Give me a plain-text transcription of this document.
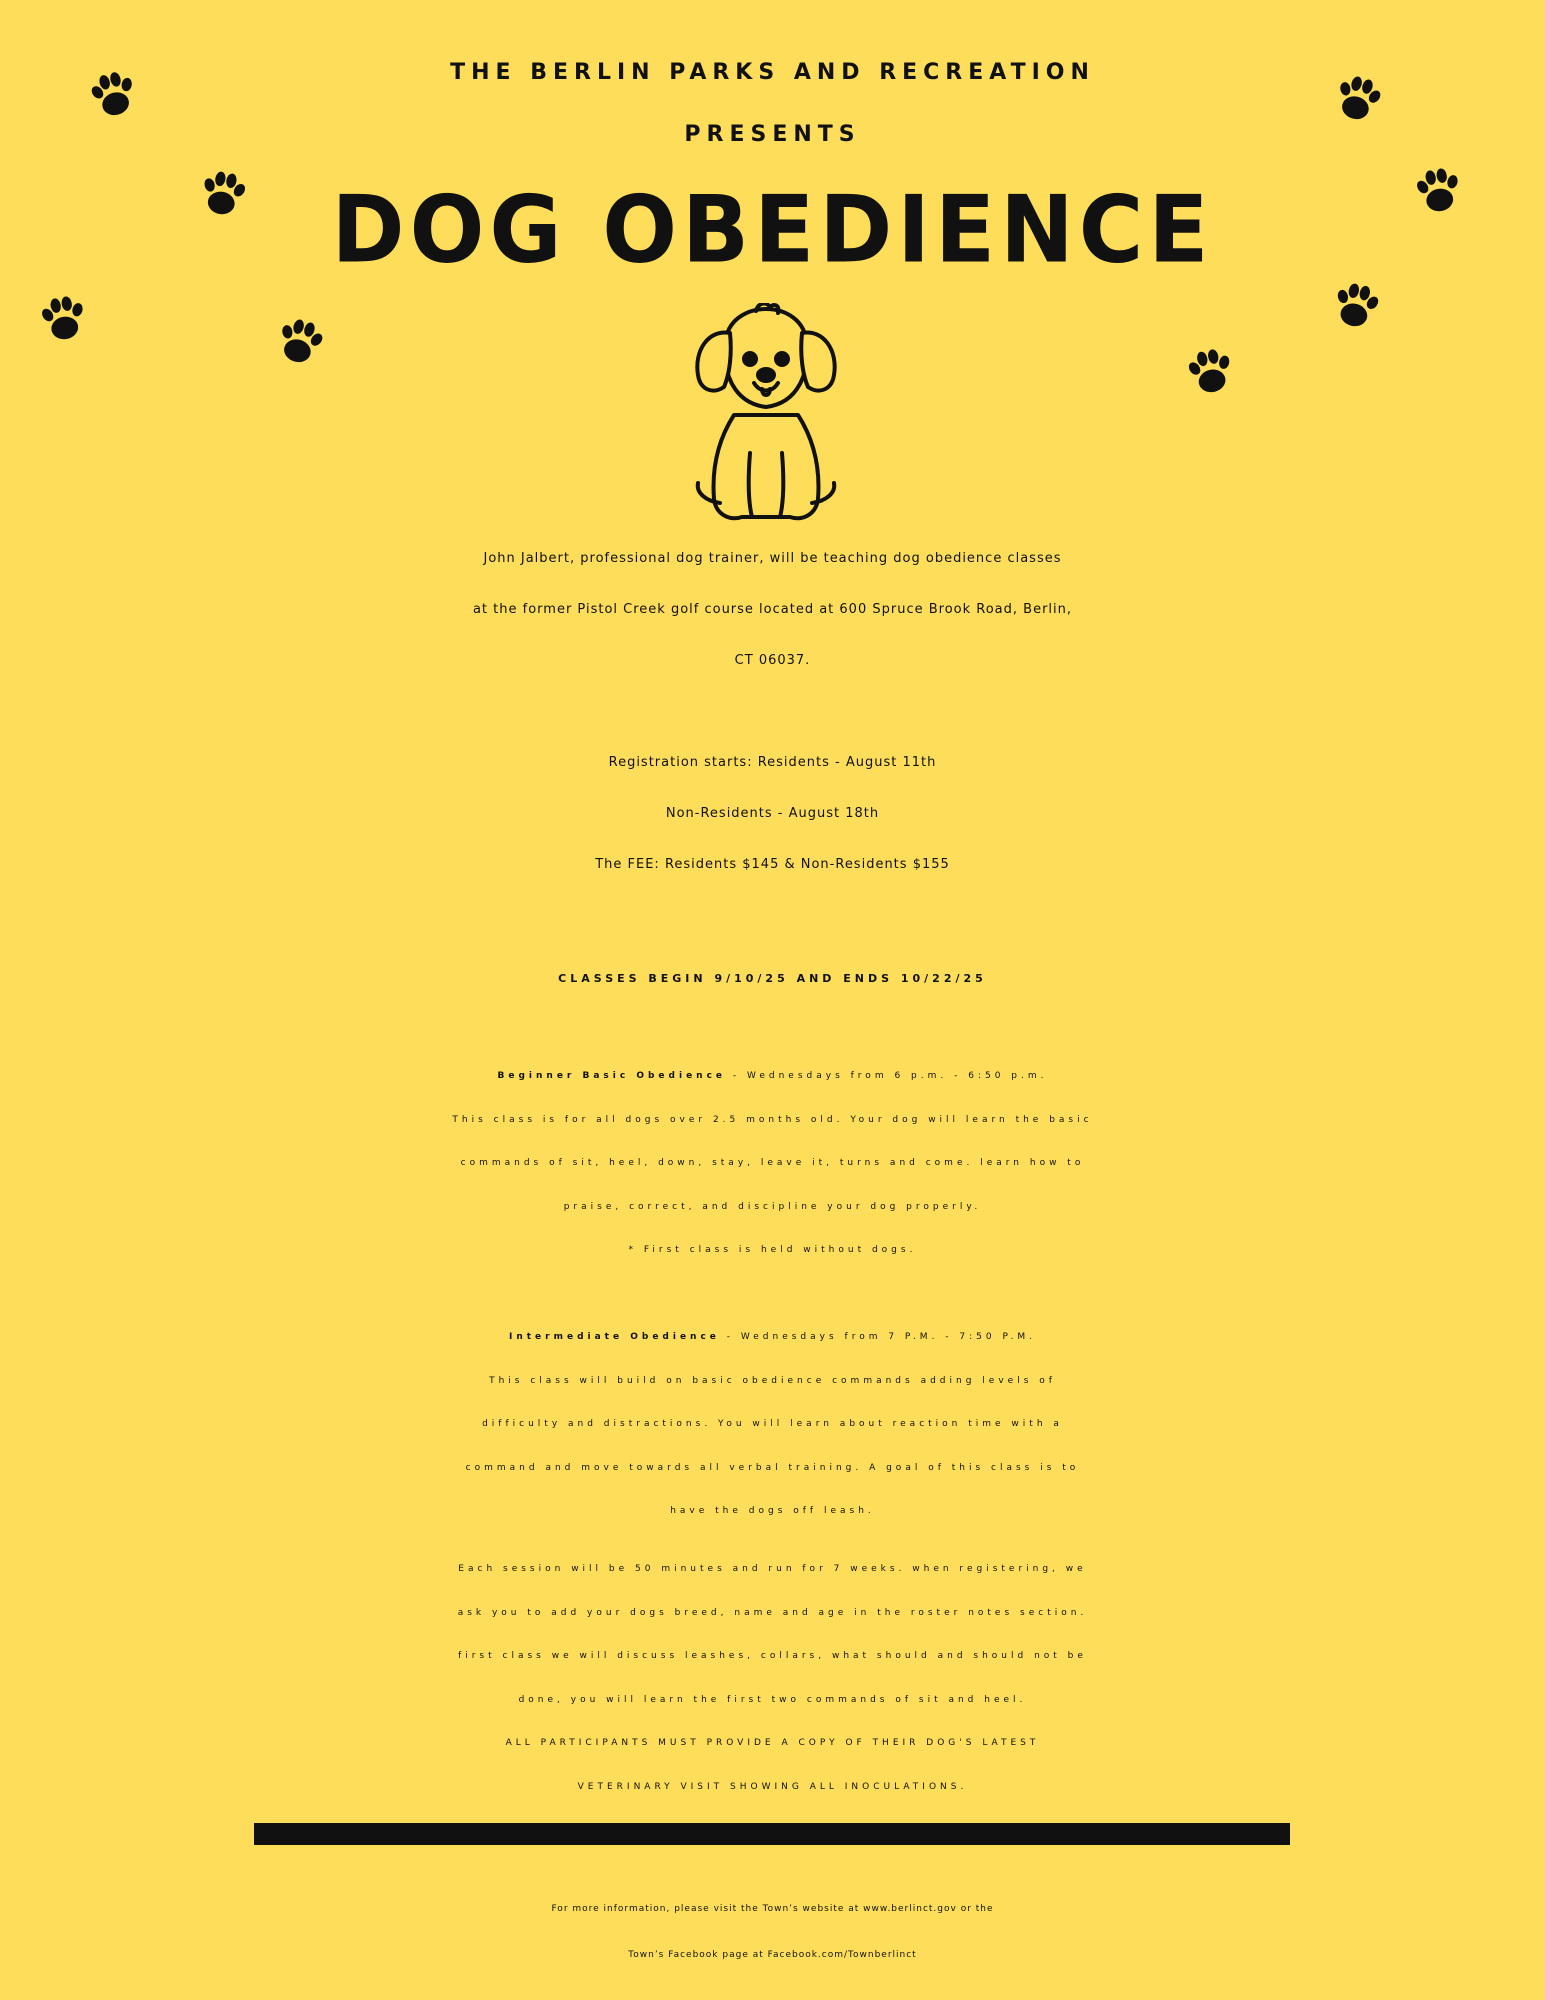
THE BERLIN PARKS AND RECREATION
PRESENTS
DOG OBEDIENCE
John Jalbert, professional dog trainer, will be teaching dog obedience classes
at the former Pistol Creek golf course located at 600 Spruce Brook Road, Berlin,
CT 06037.
Registration starts: Residents - August 11th
Non-Residents - August 18th
The FEE: Residents $145 & Non-Residents $155
CLASSES BEGIN 9/10/25 AND ENDS 10/22/25
Beginner Basic Obedience - Wednesdays from 6 p.m. - 6:50 p.m.
This class is for all dogs over 2.5 months old. Your dog will learn the basic
commands of sit, heel, down, stay, leave it, turns and come. learn how to
praise, correct, and discipline your dog properly.
* First class is held without dogs.
Intermediate Obedience - Wednesdays from 7 P.M. - 7:50 P.M.
This class will build on basic obedience commands adding levels of
difficulty and distractions. You will learn about reaction time with a
command and move towards all verbal training. A goal of this class is to
have the dogs off leash.
Each session will be 50 minutes and run for 7 weeks. when registering, we
ask you to add your dogs breed, name and age in the roster notes section.
first class we will discuss leashes, collars, what should and should not be
done, you will learn the first two commands of sit and heel.
ALL PARTICIPANTS MUST PROVIDE A COPY OF THEIR DOG'S LATEST
VETERINARY VISIT SHOWING ALL INOCULATIONS.
For more information, please visit the Town’s website at www.berlinct.gov or the
Town’s Facebook page at Facebook.com/Townberlinct
